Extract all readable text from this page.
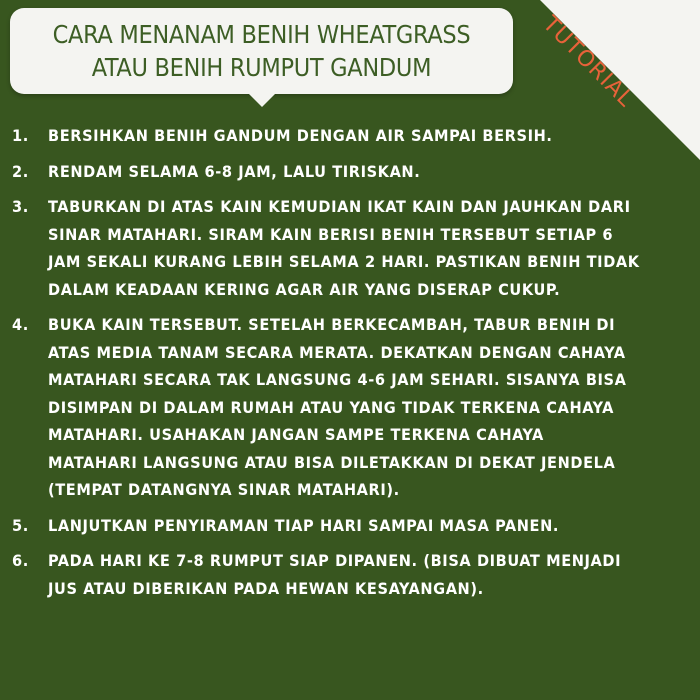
CARA MENANAM BENIH WHEATGRASS
ATAU BENIH RUMPUT GANDUM	TUTORIAL
1.	BERSIHKAN BENIH GANDUM DENGAN AIR SAMPAI BERSIH.
2.	RENDAM SELAMA 6-8 JAM, LALU TIRISKAN.
3.	TABURKAN DI ATAS KAIN KEMUDIAN IKAT KAIN DAN JAUHKAN DARI
SINAR MATAHARI. SIRAM KAIN BERISI BENIH TERSEBUT SETIAP 6
JAM SEKALI KURANG LEBIH SELAMA 2 HARI. PASTIKAN BENIH TIDAK
DALAM KEADAAN KERING AGAR AIR YANG DISERAP CUKUP.
4.	BUKA KAIN TERSEBUT. SETELAH BERKECAMBAH, TABUR BENIH DI
ATAS MEDIA TANAM SECARA MERATA. DEKATKAN DENGAN CAHAYA
MATAHARI SECARA TAK LANGSUNG 4-6 JAM SEHARI. SISANYA BISA
DISIMPAN DI DALAM RUMAH ATAU YANG TIDAK TERKENA CAHAYA
MATAHARI. USAHAKAN JANGAN SAMPE TERKENA CAHAYA
MATAHARI LANGSUNG ATAU BISA DILETAKKAN DI DEKAT JENDELA
(TEMPAT DATANGNYA SINAR MATAHARI).
5.	LANJUTKAN PENYIRAMAN TIAP HARI SAMPAI MASA PANEN.
6.	PADA HARI KE 7-8 RUMPUT SIAP DIPANEN. (BISA DIBUAT MENJADI
JUS ATAU DIBERIKAN PADA HEWAN KESAYANGAN).
